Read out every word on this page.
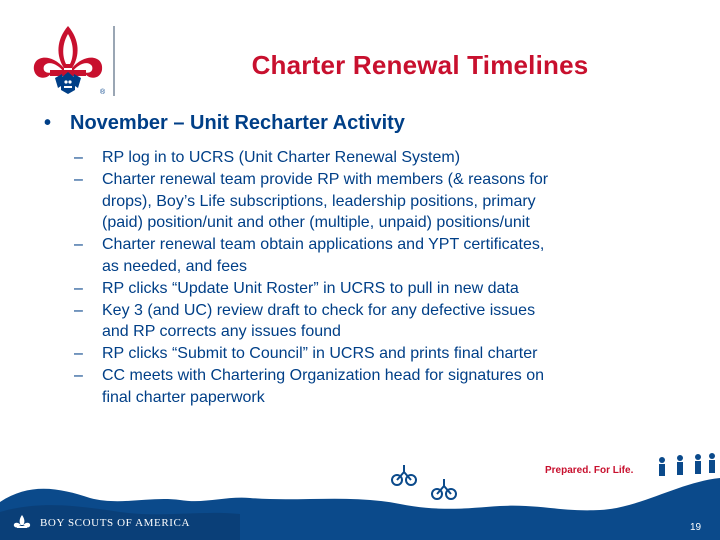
®
Charter Renewal Timelines
• November – Unit Recharter Activity
– RP log in to UCRS (Unit Charter Renewal System)
– Charter renewal team provide RP with members (& reasons for
drops), Boy’s Life subscriptions, leadership positions, primary
(paid) position/unit and other (multiple, unpaid) positions/unit
– Charter renewal team obtain applications and YPT certificates,
as needed, and fees
– RP clicks “Update Unit Roster” in UCRS to pull in new data
– Key 3 (and UC) review draft to check for any defective issues
and RP corrects any issues found
– RP clicks “Submit to Council” in UCRS and prints final charter
– CC meets with Chartering Organization head for signatures on
final charter paperwork
Prepared. For Life.
BOY SCOUTS OF AMERICA	19
